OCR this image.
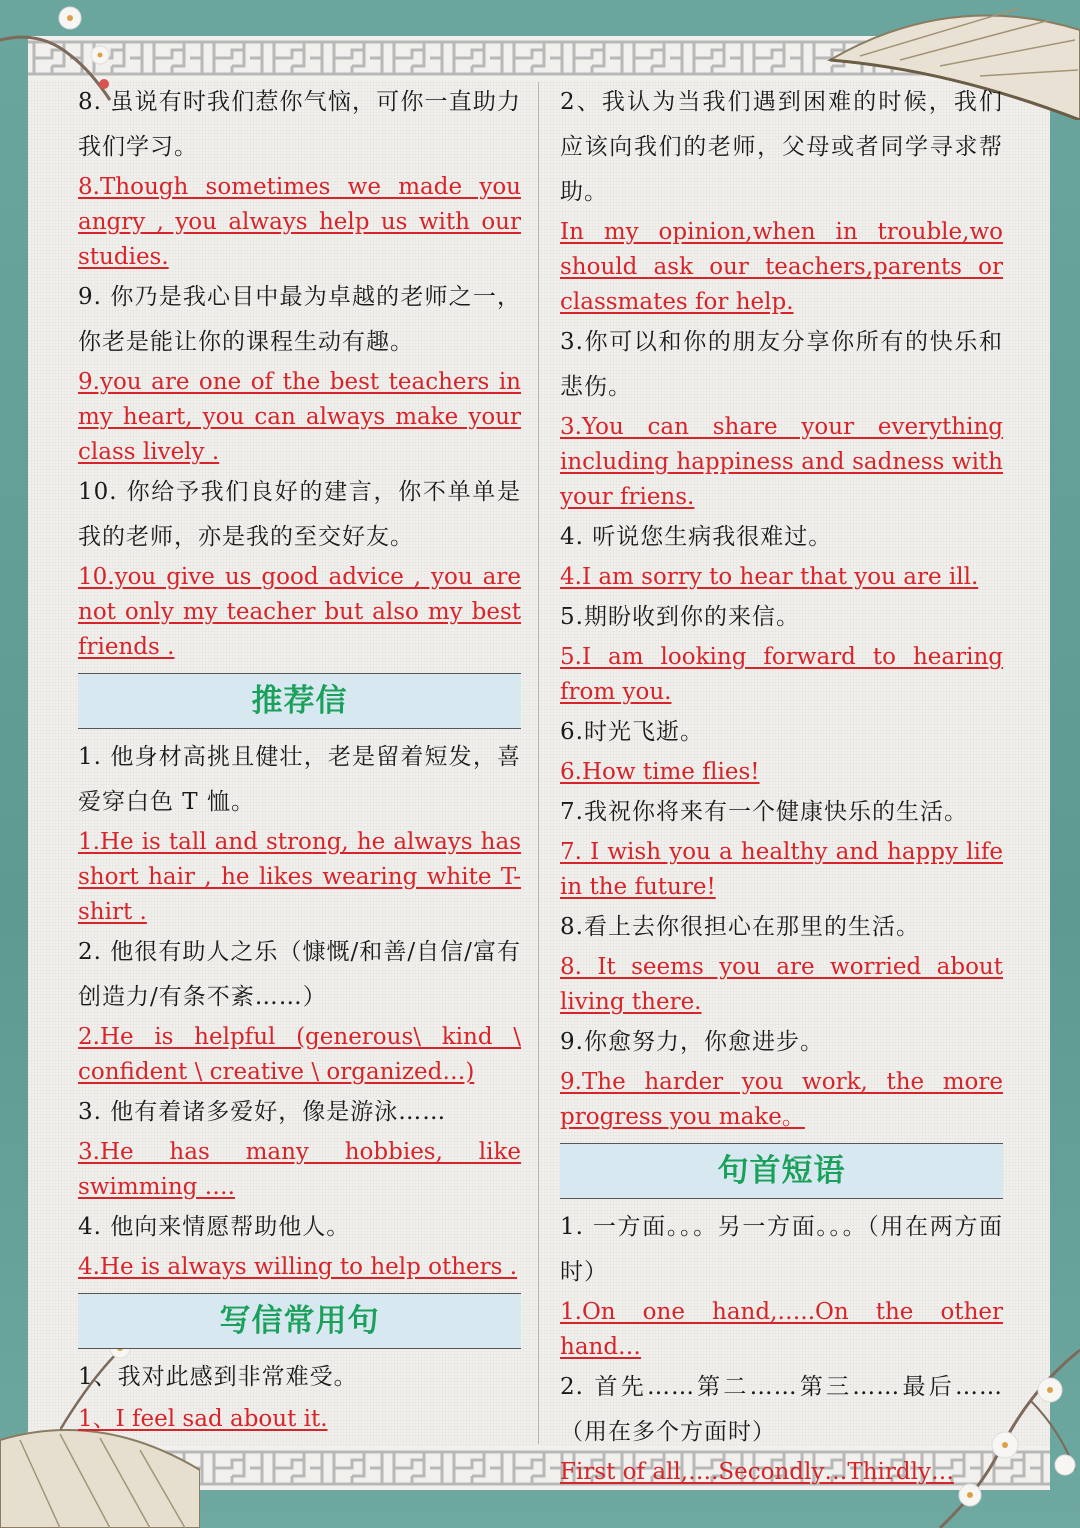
8. 虽说有时我们惹你气恼，可你一直助力我们学习。

8.Though sometimes we made you angry , you always help us with our studies.

9. 你乃是我心目中最为卓越的老师之一，你老是能让你的课程生动有趣。

9.you are one of the best teachers in my heart, you can always make your class lively .

10. 你给予我们良好的建言，你不单单是我的老师，亦是我的至交好友。

10.you give us good advice , you are not only my teacher but also my best friends .

推荐信

1. 他身材高挑且健壮，老是留着短发，喜爱穿白色 T 恤。

1.He is tall and strong, he always has short hair , he likes wearing white T-shirt .

2. 他很有助人之乐（慷慨/和善/自信/富有创造力/有条不紊……）

2.He is helpful (generous\ kind \ confident \ creative \ organized…)

3. 他有着诸多爱好，像是游泳……

3.He has many hobbies, like swimming ….

4. 他向来情愿帮助他人。

4.He is always willing to help others .

写信常用句

1、我对此感到非常难受。

1、I feel sad about it.

2、我认为当我们遇到困难的时候，我们应该向我们的老师，父母或者同学寻求帮助。

In my opinion,when in trouble,wo should ask our teachers,parents or classmates for help.

3.你可以和你的朋友分享你所有的快乐和悲伤。

3.You can share your everything including happiness and sadness with your friens.

4. 听说您生病我很难过。

4.I am sorry to hear that you are ill.

5.期盼收到你的来信。

5.I am looking forward to hearing from you.

6.时光飞逝。

6.How time flies!

7.我祝你将来有一个健康快乐的生活。

7. I wish you a healthy and happy life in the future!

8.看上去你很担心在那里的生活。

8. It seems you are worried about living there.

9.你愈努力，你愈进步。

9.The harder you work, the more progress you make。

句首短语

1. 一方面。。。另一方面。。。（用在两方面时）

1.On one hand,…..On the other hand…

2. 首先……第二……第三……最后……（用在多个方面时）

First of all,….Secondly…Thirdly…
